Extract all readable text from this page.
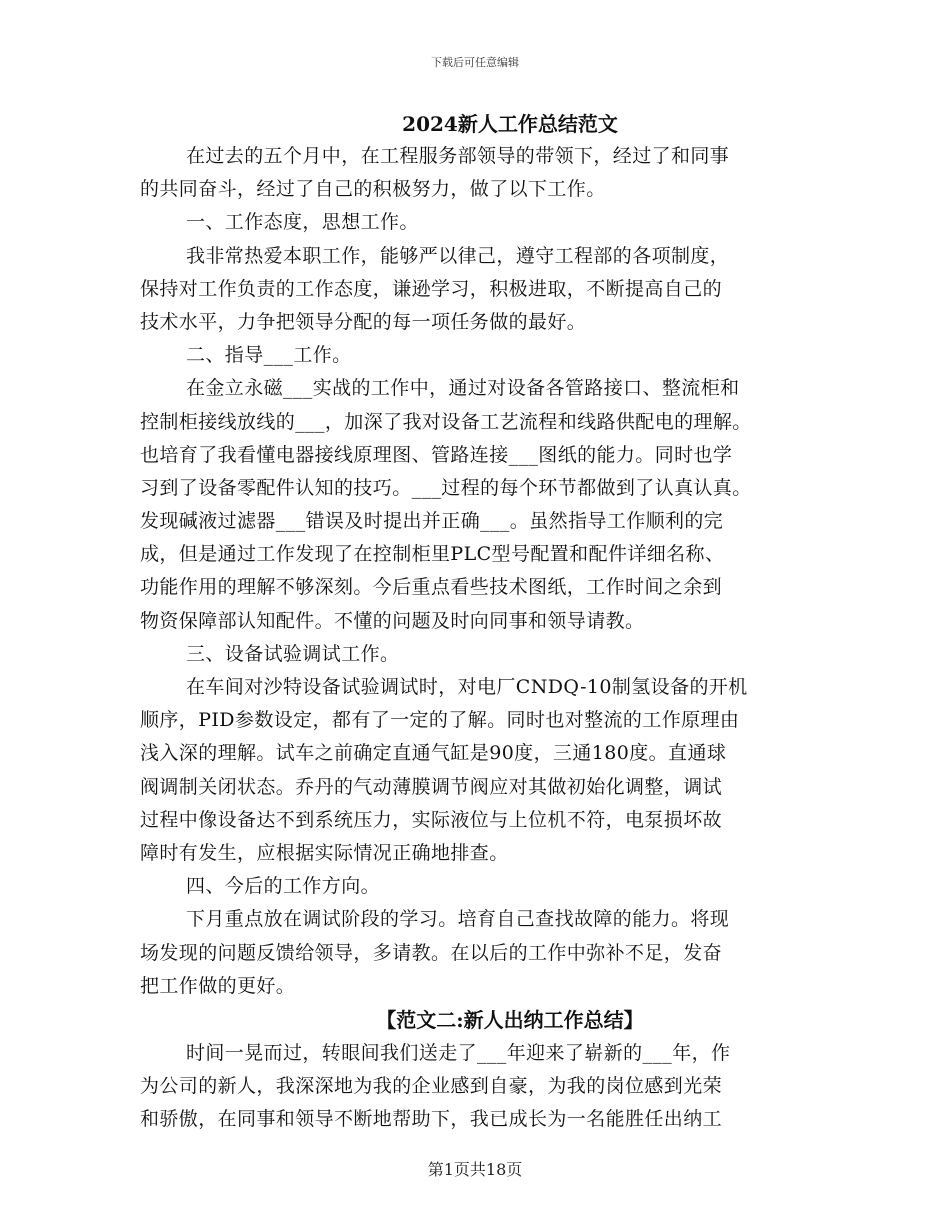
下载后可任意编辑
2024新人工作总结范文

在过去的五个月中，在工程服务部领导的带领下，经过了和同事

的共同奋斗，经过了自己的积极努力，做了以下工作。

一、工作态度，思想工作。

我非常热爱本职工作，能够严以律己，遵守工程部的各项制度，

保持对工作负责的工作态度，谦逊学习，积极进取，不断提高自己的

技术水平，力争把领导分配的每一项任务做的最好。

二、指导___工作。

在金立永磁___实战的工作中，通过对设备各管路接口、整流柜和

控制柜接线放线的___，加深了我对设备工艺流程和线路供配电的理解。

也培育了我看懂电器接线原理图、管路连接___图纸的能力。同时也学

习到了设备零配件认知的技巧。___过程的每个环节都做到了认真认真。

发现碱液过滤器___错误及时提出并正确___。虽然指导工作顺利的完

成，但是通过工作发现了在控制柜里PLC型号配置和配件详细名称、

功能作用的理解不够深刻。今后重点看些技术图纸，工作时间之余到

物资保障部认知配件。不懂的问题及时向同事和领导请教。

三、设备试验调试工作。

在车间对沙特设备试验调试时，对电厂CNDQ-10制氢设备的开机

顺序，PID参数设定，都有了一定的了解。同时也对整流的工作原理由

浅入深的理解。试车之前确定直通气缸是90度，三通180度。直通球

阀调制关闭状态。乔丹的气动薄膜调节阀应对其做初始化调整，调试

过程中像设备达不到系统压力，实际液位与上位机不符，电泵损坏故

障时有发生，应根据实际情况正确地排查。

四、今后的工作方向。

下月重点放在调试阶段的学习。培育自己查找故障的能力。将现

场发现的问题反馈给领导，多请教。在以后的工作中弥补不足，发奋

把工作做的更好。

【范文二:新人出纳工作总结】

时间一晃而过，转眼间我们送走了___年迎来了崭新的___年，作

为公司的新人，我深深地为我的企业感到自豪，为我的岗位感到光荣

和骄傲，在同事和领导不断地帮助下，我已成长为一名能胜任出纳工

第1页共18页
